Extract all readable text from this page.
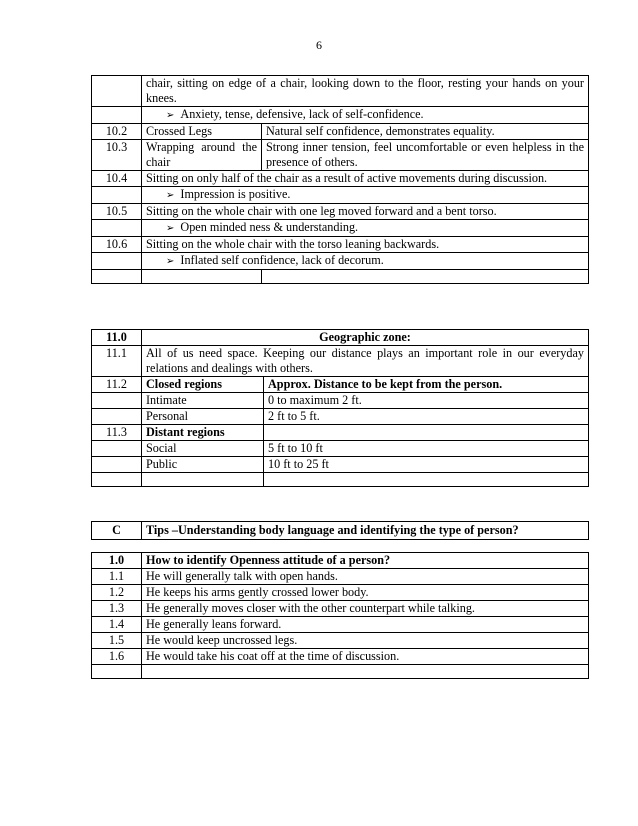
6
	chair, sitting on edge of a chair, looking down to the floor, resting your hands on your knees.	
	➢ Anxiety, tense, defensive, lack of self-confidence.
10.2	Crossed Legs	Natural self confidence, demonstrates equality.
10.3	Wrapping around the chair	Strong inner tension, feel uncomfortable or even helpless in the presence of others.
10.4	Sitting on only half of the chair as a result of active movements during discussion.	
	➢ Impression is positive.
10.5	Sitting on the whole chair with one leg moved forward and a bent torso.	
	➢ Open minded ness & understanding.
10.6	Sitting on the whole chair with the torso leaning backwards.	
	➢ Inflated self confidence, lack of decorum.

11.0	Geographic zone:	
11.1	All of us need space. Keeping our distance plays an important role in our everyday relations and dealings with others.	
11.2	Closed regions	Approx. Distance to be kept from the person.
	Intimate	0 to maximum 2 ft.
	Personal	2 ft to 5 ft.
11.3	Distant regions	
	Social	5 ft to 10 ft
	Public	10 ft to 25 ft

C	Tips –Understanding body language and identifying the type of person?
1.0	How to identify Openness attitude of a person?
1.1	He will generally talk with open hands.
1.2	He keeps his arms gently crossed lower body.
1.3	He generally moves closer with the other counterpart while talking.
1.4	He generally leans forward.
1.5	He would keep uncrossed legs.
1.6	He would take his coat off at the time of discussion.
